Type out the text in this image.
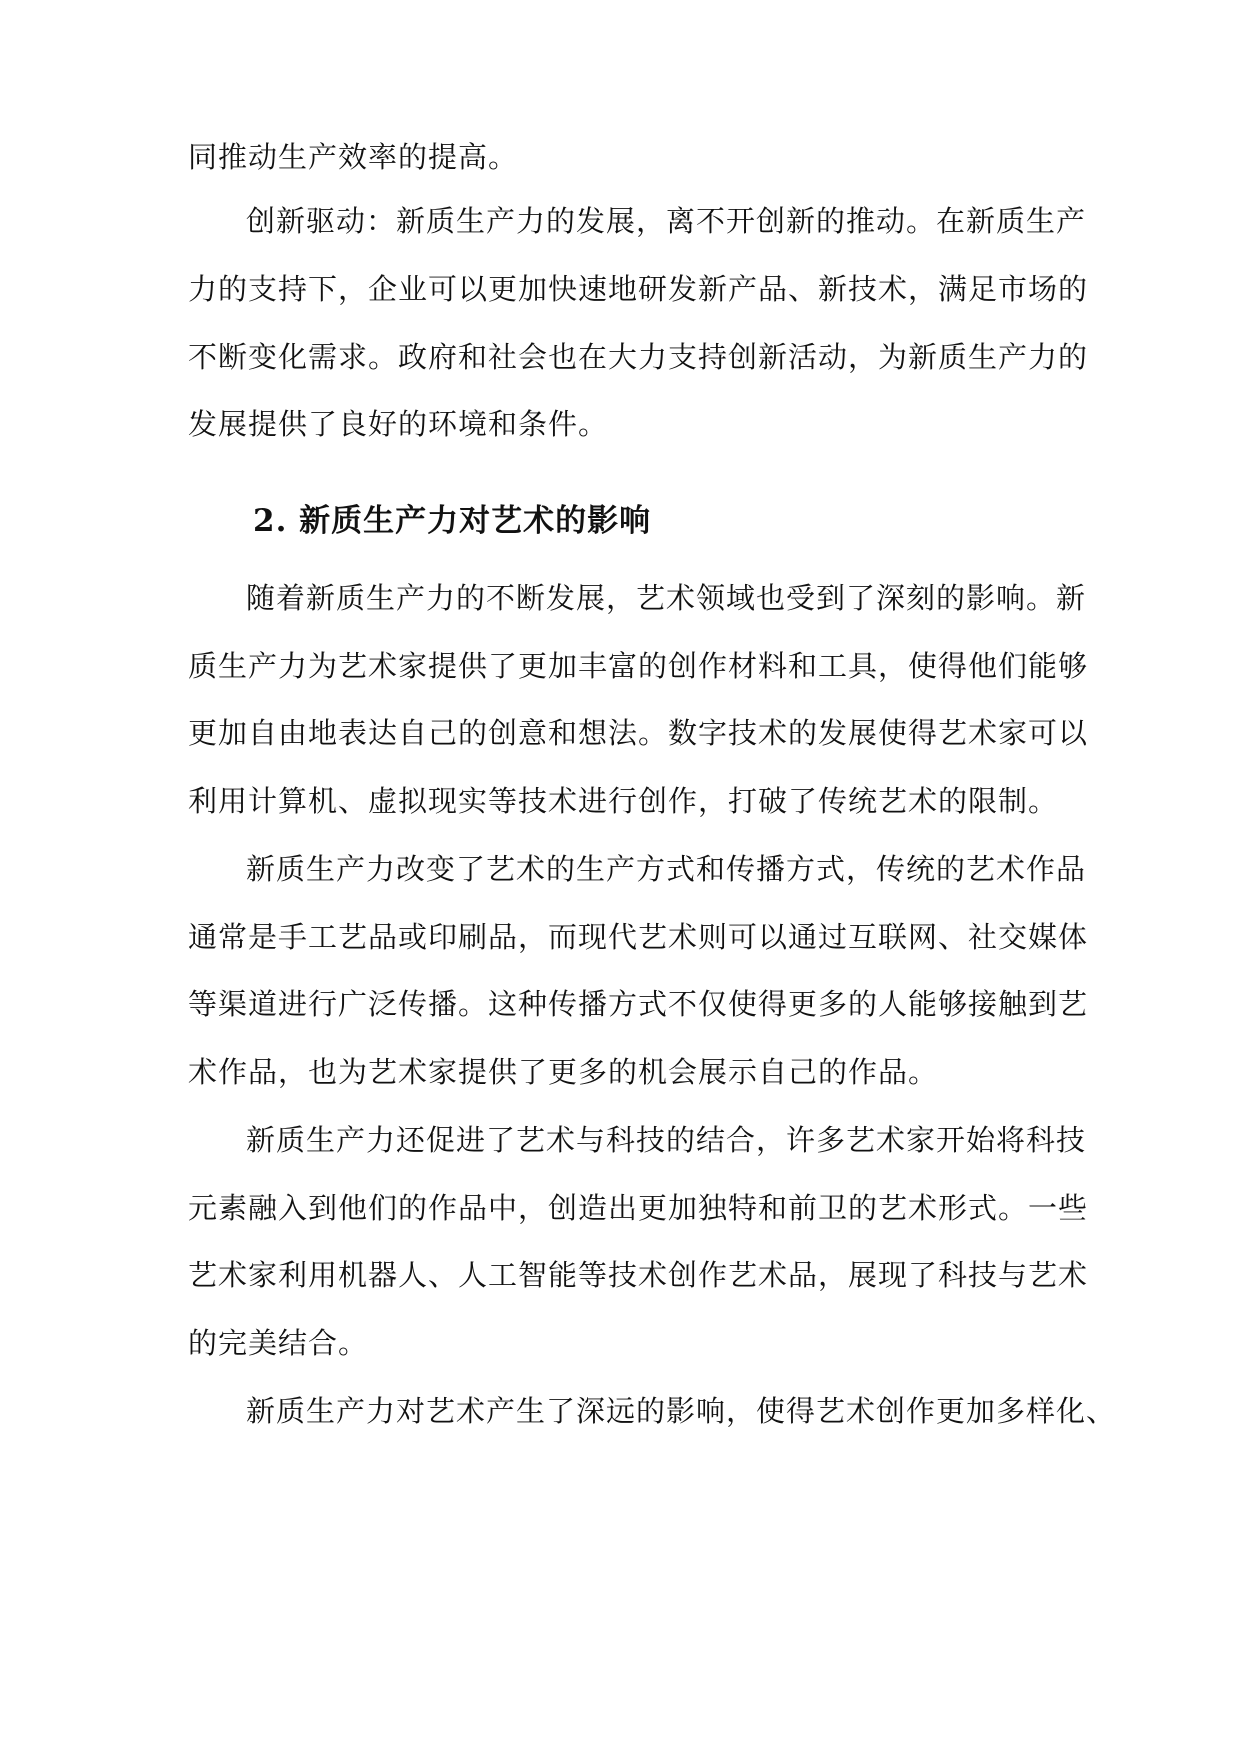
同推动生产效率的提高。
创新驱动：新质生产力的发展，离不开创新的推动。在新质生产
力的支持下，企业可以更加快速地研发新产品、新技术，满足市场的
不断变化需求。政府和社会也在大力支持创新活动，为新质生产力的
发展提供了良好的环境和条件。
2. 新质生产力对艺术的影响
随着新质生产力的不断发展，艺术领域也受到了深刻的影响。新
质生产力为艺术家提供了更加丰富的创作材料和工具，使得他们能够
更加自由地表达自己的创意和想法。数字技术的发展使得艺术家可以
利用计算机、虚拟现实等技术进行创作，打破了传统艺术的限制。
新质生产力改变了艺术的生产方式和传播方式，传统的艺术作品
通常是手工艺品或印刷品，而现代艺术则可以通过互联网、社交媒体
等渠道进行广泛传播。这种传播方式不仅使得更多的人能够接触到艺
术作品，也为艺术家提供了更多的机会展示自己的作品。
新质生产力还促进了艺术与科技的结合，许多艺术家开始将科技
元素融入到他们的作品中，创造出更加独特和前卫的艺术形式。一些
艺术家利用机器人、人工智能等技术创作艺术品，展现了科技与艺术
的完美结合。
新质生产力对艺术产生了深远的影响，使得艺术创作更加多样化、
